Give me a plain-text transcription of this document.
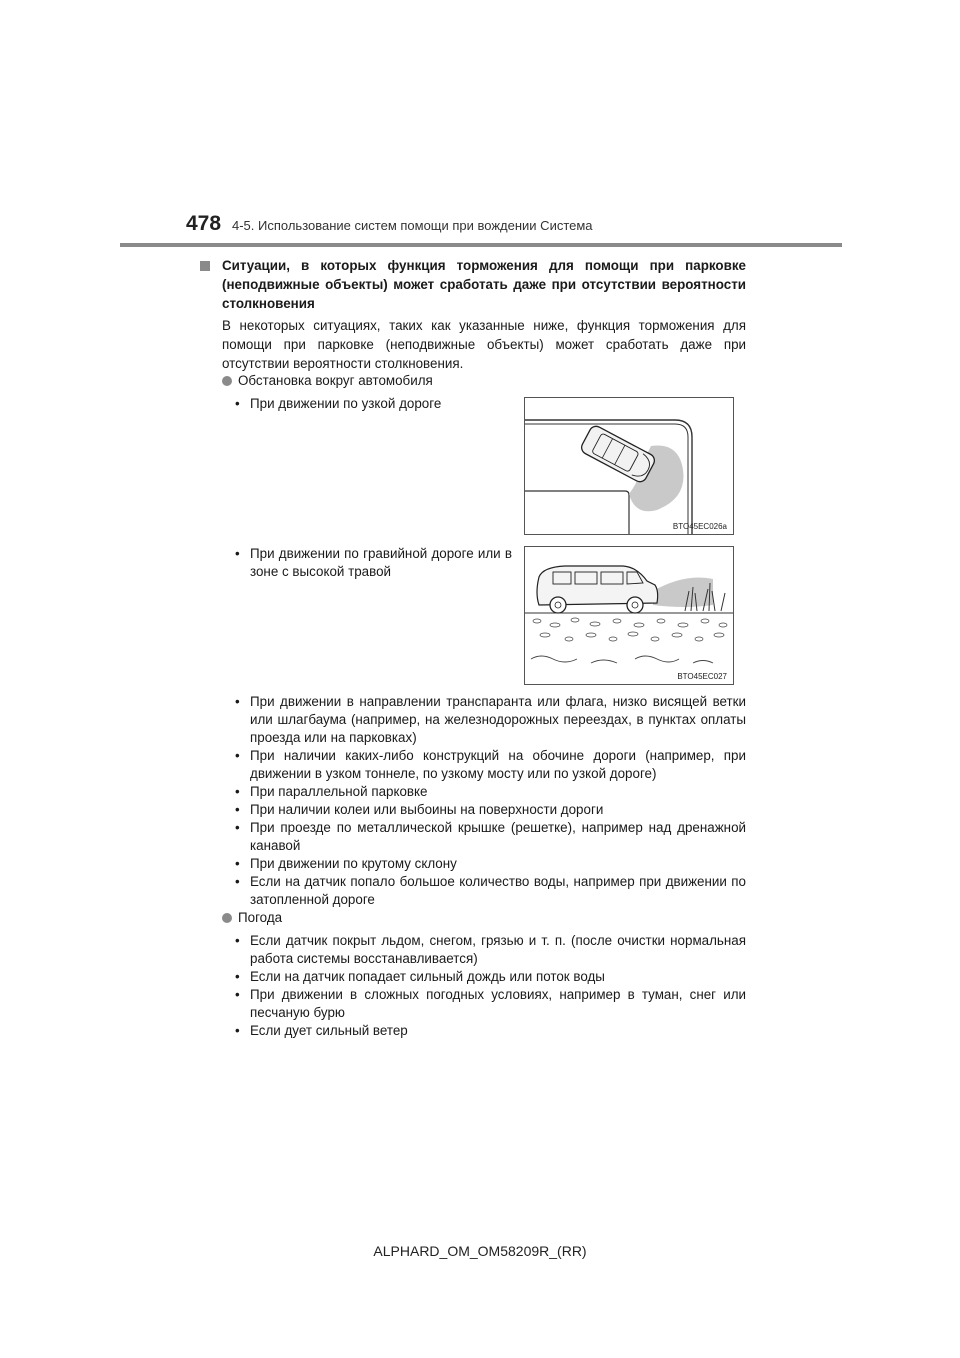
478 4-5. Использование систем помощи при вождении Система
Ситуации, в которых функция торможения для помощи при парковке (неподвижные объекты) может сработать даже при отсутствии вероятности столкновения

В некоторых ситуациях, таких как указанные ниже, функция торможения для помощи при парковке (неподвижные объекты) может сработать даже при отсутствии вероятности столкновения.

Обстановка вокруг автомобиля
• При движении по узкой дороге
• При движении по гравийной дороге или в зоне с высокой травой
BTO45EC026a
BTO45EC027
• При движении в направлении транспаранта или флага, низко висящей ветки или шлагбаума (например, на железнодорожных переездах, в пунктах оплаты проезда или на парковках)
• При наличии каких-либо конструкций на обочине дороги (например, при движении в узком тоннеле, по узкому мосту или по узкой дороге)
• При параллельной парковке
• При наличии колеи или выбоины на поверхности дороги
• При проезде по металлической крышке (решетке), например над дренажной канавой
• При движении по крутому склону
• Если на датчик попало большое количество воды, например при движении по затопленной дороге
Погода
• Если датчик покрыт льдом, снегом, грязью и т. п. (после очистки нормальная работа системы восстанавливается)
• Если на датчик попадает сильный дождь или поток воды
• При движении в сложных погодных условиях, например в туман, снег или песчаную бурю
• Если дует сильный ветер
ALPHARD_OM_OM58209R_(RR)
